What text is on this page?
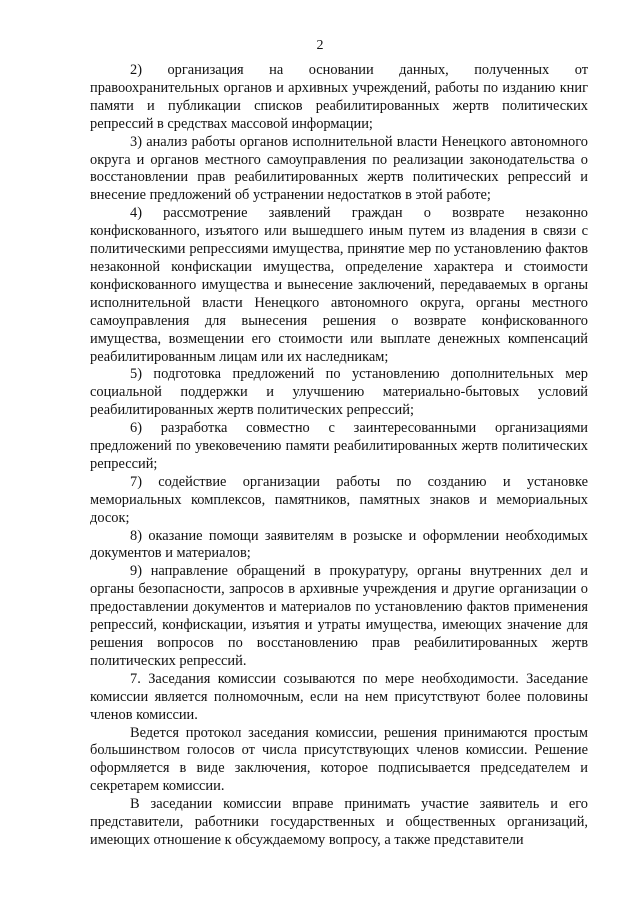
2

2) организация на основании данных, полученных от правоохранительных органов и архивных учреждений, работы по изданию книг памяти и публикации списков реабилитированных жертв политических репрессий в средствах массовой информации;

3) анализ работы органов исполнительной власти Ненецкого автономного округа и органов местного самоуправления по реализации законодательства о восстановлении прав реабилитированных жертв политических репрессий и внесение предложений об устранении недостатков в этой работе;

4) рассмотрение заявлений граждан о возврате незаконно конфискованного, изъятого или вышедшего иным путем из владения в связи с политическими репрессиями имущества, принятие мер по установлению фактов незаконной конфискации имущества, определение характера и стоимости конфискованного имущества и вынесение заключений, передаваемых в органы исполнительной власти Ненецкого автономного округа, органы местного самоуправления для вынесения решения о возврате конфискованного имущества, возмещении его стоимости или выплате денежных компенсаций реабилитированным лицам или их наследникам;

5) подготовка предложений по установлению дополнительных мер социальной поддержки и улучшению материально-бытовых условий реабилитированных жертв политических репрессий;

6) разработка совместно с заинтересованными организациями предложений по увековечению памяти реабилитированных жертв политических репрессий;

7) содействие организации работы по созданию и установке мемориальных комплексов, памятников, памятных знаков и мемориальных досок;

8) оказание помощи заявителям в розыске и оформлении необходимых документов и материалов;

9) направление обращений в прокуратуру, органы внутренних дел и органы безопасности, запросов в архивные учреждения и другие организации о предоставлении документов и материалов по установлению фактов применения репрессий, конфискации, изъятия и утраты имущества, имеющих значение для решения вопросов по восстановлению прав реабилитированных жертв политических репрессий.

7. Заседания комиссии созываются по мере необходимости. Заседание комиссии является полномочным, если на нем присутствуют более половины членов комиссии.

Ведется протокол заседания комиссии, решения принимаются простым большинством голосов от числа присутствующих членов комиссии. Решение оформляется в виде заключения, которое подписывается председателем и секретарем комиссии.

В заседании комиссии вправе принимать участие заявитель и его представители, работники государственных и общественных организаций, имеющих отношение к обсуждаемому вопросу, а также представители
